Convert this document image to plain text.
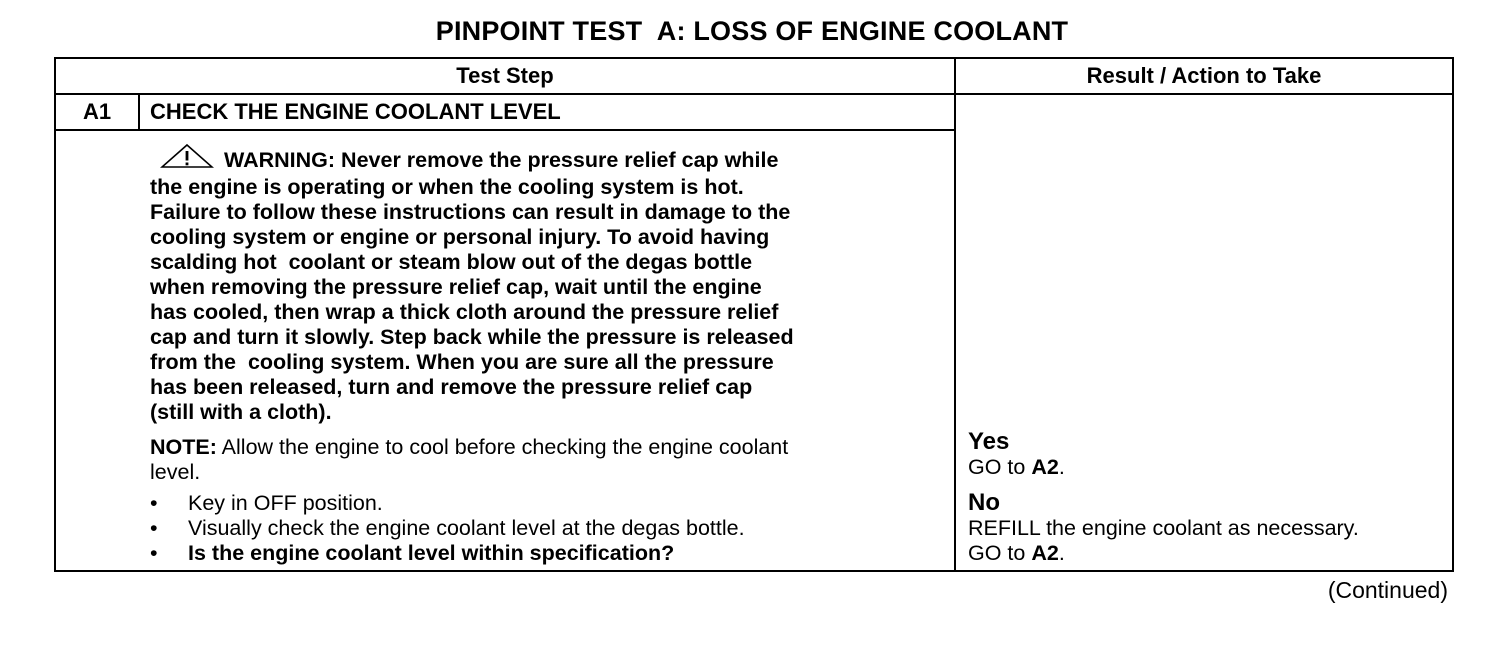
PINPOINT TEST  A: LOSS OF ENGINE COOLANT
Test Step	Result / Action to Take
A1	CHECK THE ENGINE COOLANT LEVEL
WARNING: Never remove the pressure relief cap while
the engine is operating or when the cooling system is hot.
Failure to follow these instructions can result in damage to the
cooling system or engine or personal injury. To avoid having
scalding hot  coolant or steam blow out of the degas bottle
when removing the pressure relief cap, wait until the engine
has cooled, then wrap a thick cloth around the pressure relief
cap and turn it slowly. Step back while the pressure is released
from the  cooling system. When you are sure all the pressure
has been released, turn and remove the pressure relief cap
(still with a cloth).
NOTE: Allow the engine to cool before checking the engine coolant
level.
• Key in OFF position.
• Visually check the engine coolant level at the degas bottle.
• Is the engine coolant level within specification?
Yes
GO to A2.
No
REFILL the engine coolant as necessary.
GO to A2.
(Continued)
